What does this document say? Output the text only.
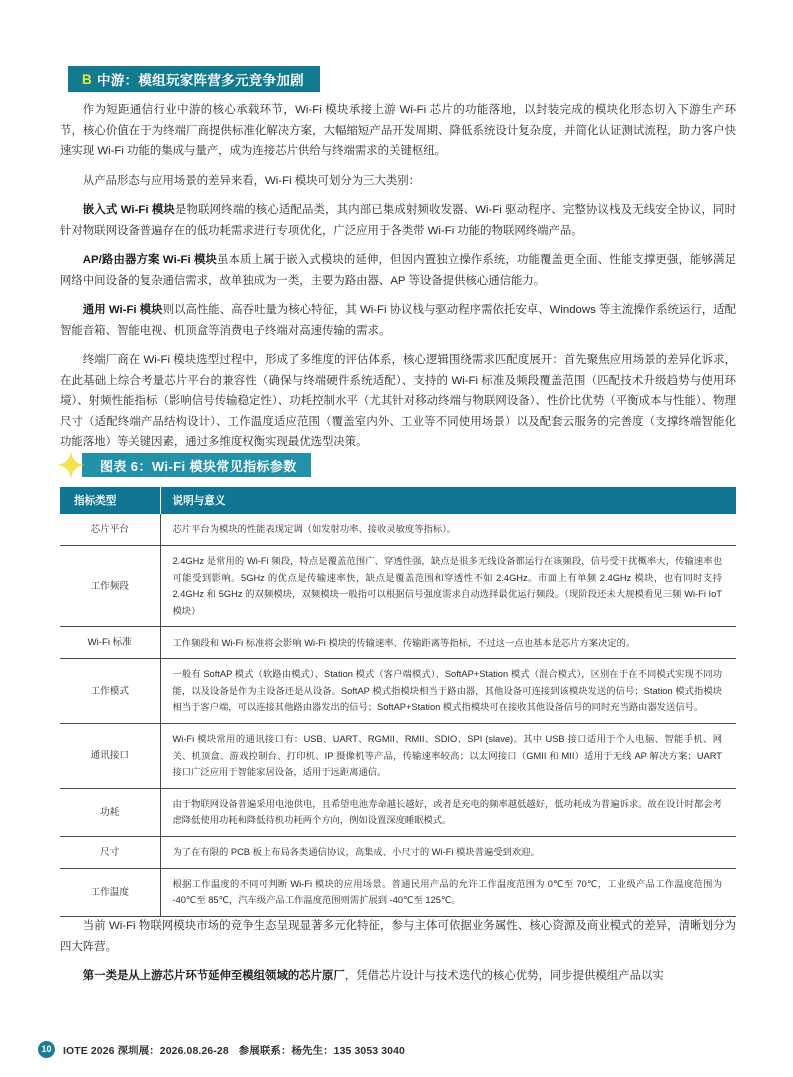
B 中游：模组玩家阵营多元竞争加剧

作为短距通信行业中游的核心承载环节，Wi-Fi 模块承接上游 Wi-Fi 芯片的功能落地，以封装完成的模块化形态切入下游生产环节，核心价值在于为终端厂商提供标准化解决方案，大幅缩短产品开发周期、降低系统设计复杂度，并简化认证测试流程，助力客户快速实现 Wi-Fi 功能的集成与量产，成为连接芯片供给与终端需求的关键枢纽。

从产品形态与应用场景的差异来看，Wi-Fi 模块可划分为三大类别：

嵌入式 Wi-Fi 模块是物联网终端的核心适配品类，其内部已集成射频收发器、Wi-Fi 驱动程序、完整协议栈及无线安全协议，同时针对物联网设备普遍存在的低功耗需求进行专项优化，广泛应用于各类带 Wi-Fi 功能的物联网终端产品。

AP/路由器方案 Wi-Fi 模块虽本质上属于嵌入式模块的延伸，但因内置独立操作系统，功能覆盖更全面、性能支撑更强，能够满足网络中间设备的复杂通信需求，故单独成为一类，主要为路由器、AP 等设备提供核心通信能力。

通用 Wi-Fi 模块则以高性能、高吞吐量为核心特征，其 Wi-Fi 协议栈与驱动程序需依托安卓、Windows 等主流操作系统运行，适配智能音箱、智能电视、机顶盒等消费电子终端对高速传输的需求。

终端厂商在 Wi-Fi 模块选型过程中，形成了多维度的评估体系，核心逻辑围绕需求匹配度展开：首先聚焦应用场景的差异化诉求，在此基础上综合考量芯片平台的兼容性（确保与终端硬件系统适配）、支持的 Wi-Fi 标准及频段覆盖范围（匹配技术升级趋势与使用环境）、射频性能指标（影响信号传输稳定性）、功耗控制水平（尤其针对移动终端与物联网设备）、性价比优势（平衡成本与性能）、物理尺寸（适配终端产品结构设计）、工作温度适应范围（覆盖室内外、工业等不同使用场景）以及配套云服务的完善度（支撑终端智能化功能落地）等关键因素，通过多维度权衡实现最优选型决策。

图表 6：Wi-Fi 模块常见指标参数
指标类型	说明与意义
芯片平台	芯片平台为模块的性能表现定调（如发射功率、接收灵敏度等指标）。
工作频段	2.4GHz 是常用的 Wi-Fi 频段，特点是覆盖范围广、穿透性强，缺点是很多无线设备都运行在该频段，信号受干扰概率大，传输速率也可能受到影响。5GHz 的优点是传输速率快，缺点是覆盖范围和穿透性不如 2.4GHz。市面上有单频 2.4GHz 模块，也有同时支持 2.4GHz 和 5GHz 的双频模块，双频模块一般指可以根据信号强度需求自动选择最优运行频段。（现阶段还未大规模看见三频 Wi-Fi IoT 模块）
Wi-Fi 标准	工作频段和 Wi-Fi 标准将会影响 Wi-Fi 模块的传输速率、传输距离等指标，不过这一点也基本是芯片方案决定的。
工作模式	一般有 SoftAP 模式（软路由模式）、Station 模式（客户端模式）、SoftAP+Station 模式（混合模式），区别在于在不同模式实现不同功能，以及设备是作为主设备还是从设备。SoftAP 模式指模块相当于路由器，其他设备可连接到该模块发送的信号；Station 模式指模块相当于客户端，可以连接其他路由器发出的信号；SoftAP+Station 模式指模块可在接收其他设备信号的同时充当路由器发送信号。
通讯接口	Wi-Fi 模块常用的通讯接口有：USB、UART、RGMII、RMII、SDIO、SPI (slave)。其中 USB 接口适用于个人电脑、智能手机、网关、机顶盒、游戏控制台、打印机、IP 摄像机等产品，传输速率较高；以太网接口（GMII 和 MII）适用于无线 AP 解决方案；UART 接口广泛应用于智能家居设备，适用于远距离通信。
功耗	由于物联网设备普遍采用电池供电，且希望电池寿命越长越好，或者是充电的频率越低越好，低功耗成为普遍诉求。故在设计时都会考虑降低使用功耗和降低待机功耗两个方向，例如设置深度睡眠模式。
尺寸	为了在有限的 PCB 板上布局各类通信协议，高集成、小尺寸的 Wi-Fi 模块普遍受到欢迎。
工作温度	根据工作温度的不同可判断 Wi-Fi 模块的应用场景。普通民用产品的允许工作温度范围为 0℃至 70℃，工业级产品工作温度范围为 -40℃至 85℃，汽车级产品工作温度范围则需扩展到 -40℃至 125℃。

当前 Wi-Fi 物联网模块市场的竞争生态呈现显著多元化特征，参与主体可依据业务属性、核心资源及商业模式的差异，清晰划分为四大阵营。

第一类是从上游芯片环节延伸至模组领域的芯片原厂，凭借芯片设计与技术迭代的核心优势，同步提供模组产品以实

10	IOTE 2026 深圳展：2026.08.26-28 参展联系：杨先生：135 3053 3040
